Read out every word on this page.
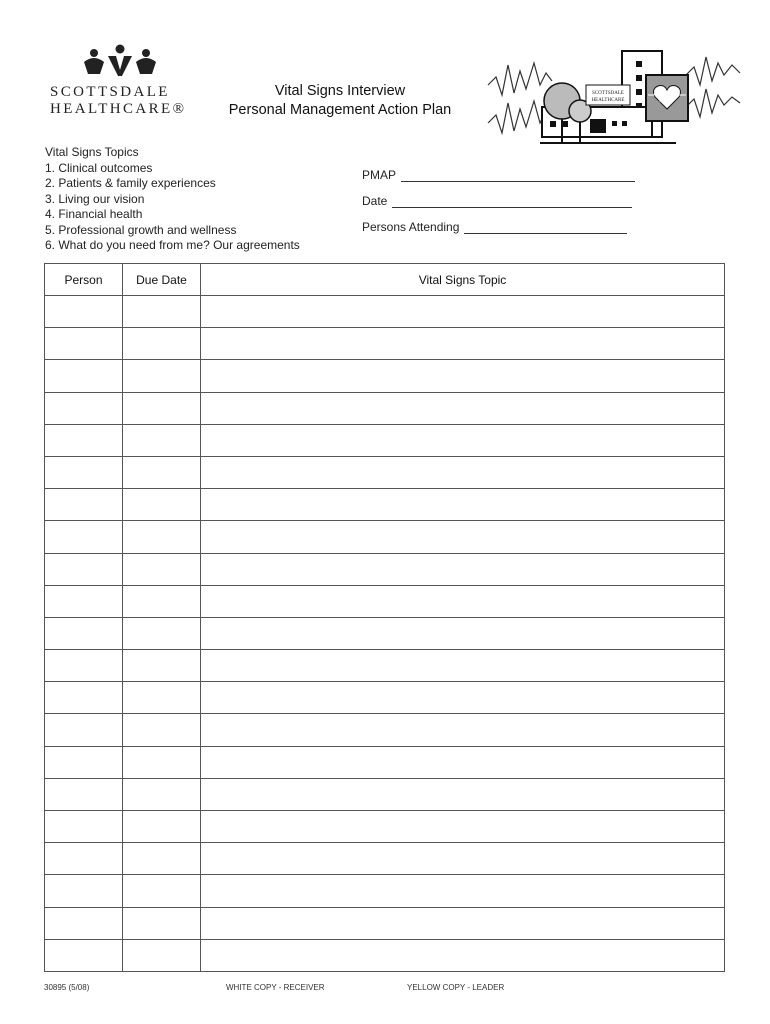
SCOTTSDALE
HEALTHCARE®
Vital Signs Interview
Personal Management Action Plan
SCOTTSDALE
HEALTHCARE
Vital Signs Topics
1. Clinical outcomes
2. Patients & family experiences
3. Living our vision
4. Financial health
5. Professional growth and wellness
6. What do you need from me? Our agreements
PMAP
Date
Persons Attending
Person	Due Date	Vital Signs Topic

30895 (5/08)	WHITE COPY - RECEIVER	YELLOW COPY - LEADER
